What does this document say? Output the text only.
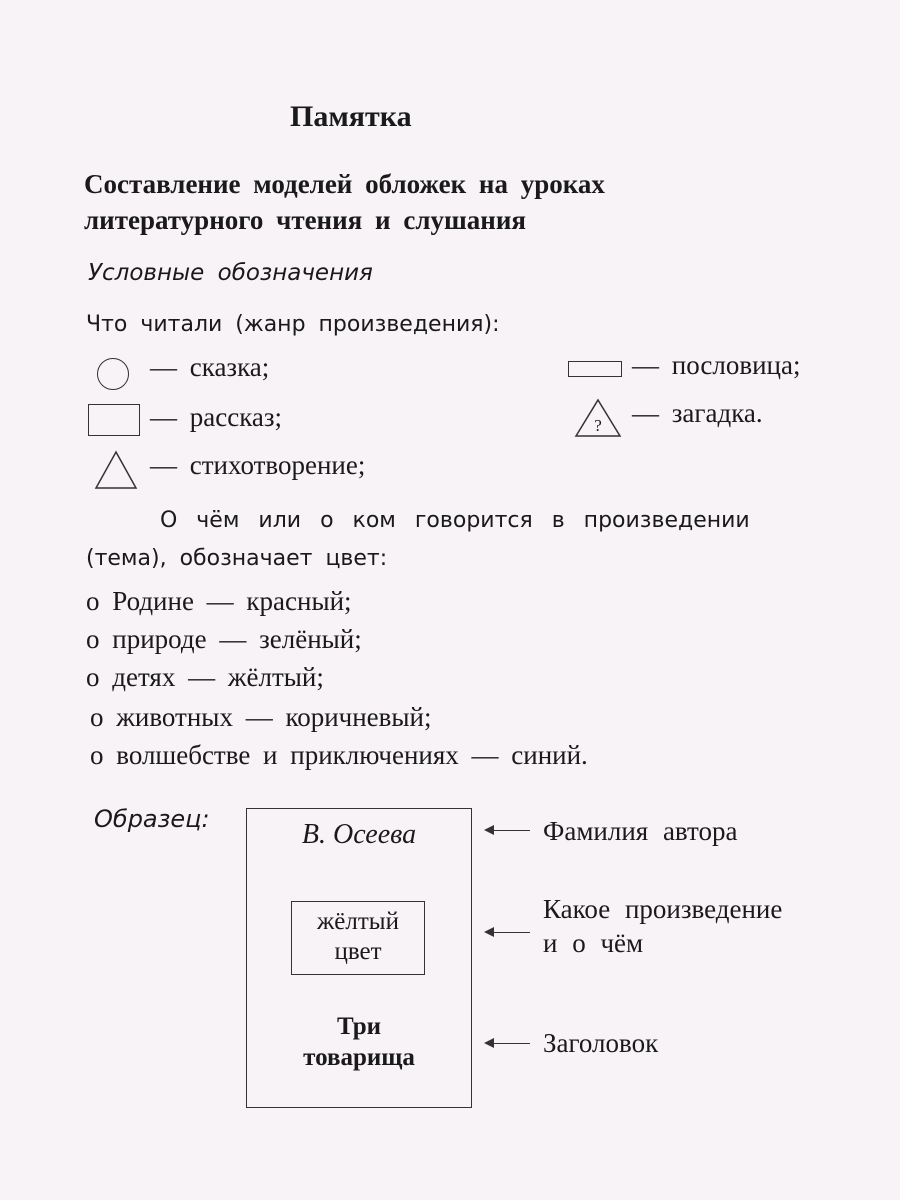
Памятка
Составление моделей обложек на уроках
литературного чтения и слушания
Условные обозначения
Что читали (жанр произведения):
— сказка;
— рассказ;
— стихотворение;
— пословица;
? — загадка.
О чём или о ком говорится в произведении
(тема), обозначает цвет:
о Родине — красный;
о природе — зелёный;
о детях — жёлтый;
о животных — коричневый;
о волшебстве и приключениях — синий.
Образец:	В. Осеева
жёлтый
цвет
Три
товарища
Фамилия автора
Какое произведение
и о чём
Заголовок
